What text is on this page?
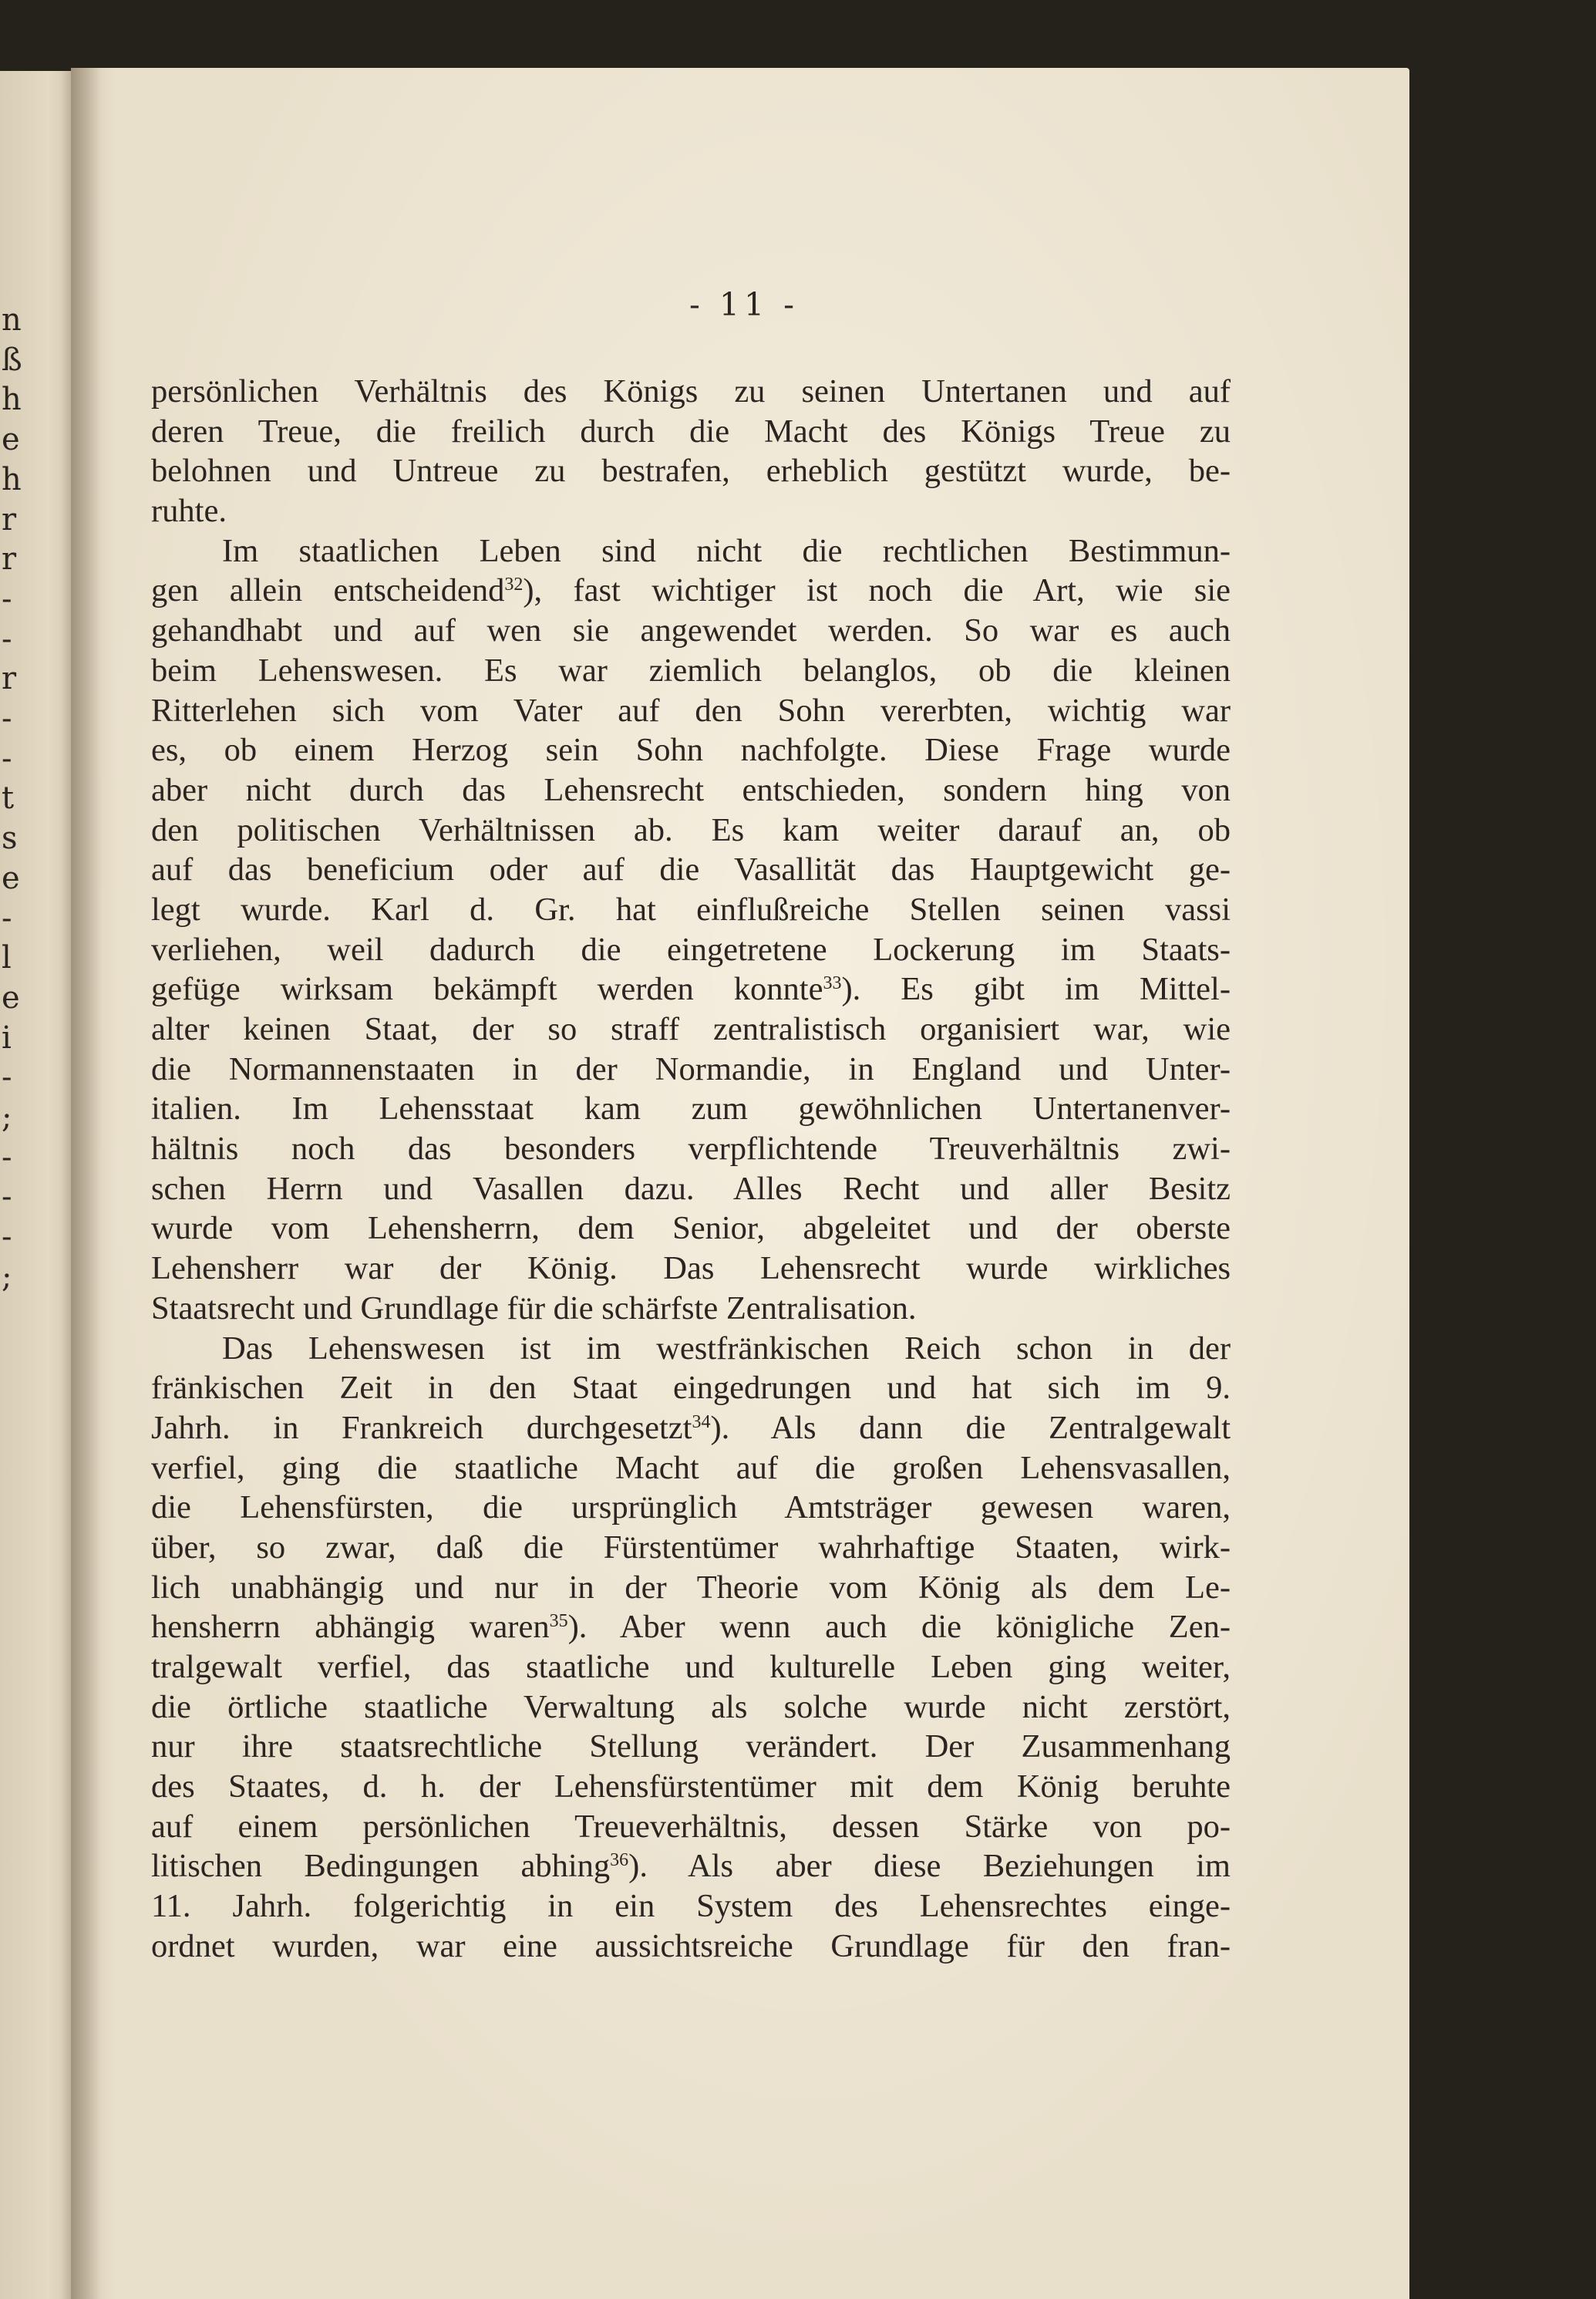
n
ß
h
e
h
r
r
-
-
r
-
-
t
s
e
-
l
e
i
-
;
-
-
-
;
- 11 -
persönlichen Verhältnis des Königs zu seinen Untertanen und auf
deren Treue, die freilich durch die Macht des Königs Treue zu
belohnen und Untreue zu bestrafen, erheblich gestützt wurde, be-
ruhte.
Im staatlichen Leben sind nicht die rechtlichen Bestimmun-
gen allein entscheidend$^{32}$), fast wichtiger ist noch die Art, wie sie
gehandhabt und auf wen sie angewendet werden. So war es auch
beim Lehenswesen. Es war ziemlich belanglos, ob die kleinen
Ritterlehen sich vom Vater auf den Sohn vererbten, wichtig war
es, ob einem Herzog sein Sohn nachfolgte. Diese Frage wurde
aber nicht durch das Lehensrecht entschieden, sondern hing von
den politischen Verhältnissen ab. Es kam weiter darauf an, ob
auf das beneficium oder auf die Vasallität das Hauptgewicht ge-
legt wurde. Karl d. Gr. hat einflußreiche Stellen seinen vassi
verliehen, weil dadurch die eingetretene Lockerung im Staats-
gefüge wirksam bekämpft werden konnte$^{33}$). Es gibt im Mittel-
alter keinen Staat, der so straff zentralistisch organisiert war, wie
die Normannenstaaten in der Normandie, in England und Unter-
italien. Im Lehensstaat kam zum gewöhnlichen Untertanenver-
hältnis noch das besonders verpflichtende Treuverhältnis zwi-
schen Herrn und Vasallen dazu. Alles Recht und aller Besitz
wurde vom Lehensherrn, dem Senior, abgeleitet und der oberste
Lehensherr war der König. Das Lehensrecht wurde wirkliches
Staatsrecht und Grundlage für die schärfste Zentralisation.
Das Lehenswesen ist im westfränkischen Reich schon in der
fränkischen Zeit in den Staat eingedrungen und hat sich im 9.
Jahrh. in Frankreich durchgesetzt$^{34}$). Als dann die Zentralgewalt
verfiel, ging die staatliche Macht auf die großen Lehensvasallen,
die Lehensfürsten, die ursprünglich Amtsträger gewesen waren,
über, so zwar, daß die Fürstentümer wahrhaftige Staaten, wirk-
lich unabhängig und nur in der Theorie vom König als dem Le-
hensherrn abhängig waren$^{35}$). Aber wenn auch die königliche Zen-
tralgewalt verfiel, das staatliche und kulturelle Leben ging weiter,
die örtliche staatliche Verwaltung als solche wurde nicht zerstört,
nur ihre staatsrechtliche Stellung verändert. Der Zusammenhang
des Staates, d. h. der Lehensfürstentümer mit dem König beruhte
auf einem persönlichen Treueverhältnis, dessen Stärke von po-
litischen Bedingungen abhing$^{36}$). Als aber diese Beziehungen im
11. Jahrh. folgerichtig in ein System des Lehensrechtes einge-
ordnet wurden, war eine aussichtsreiche Grundlage für den fran-
